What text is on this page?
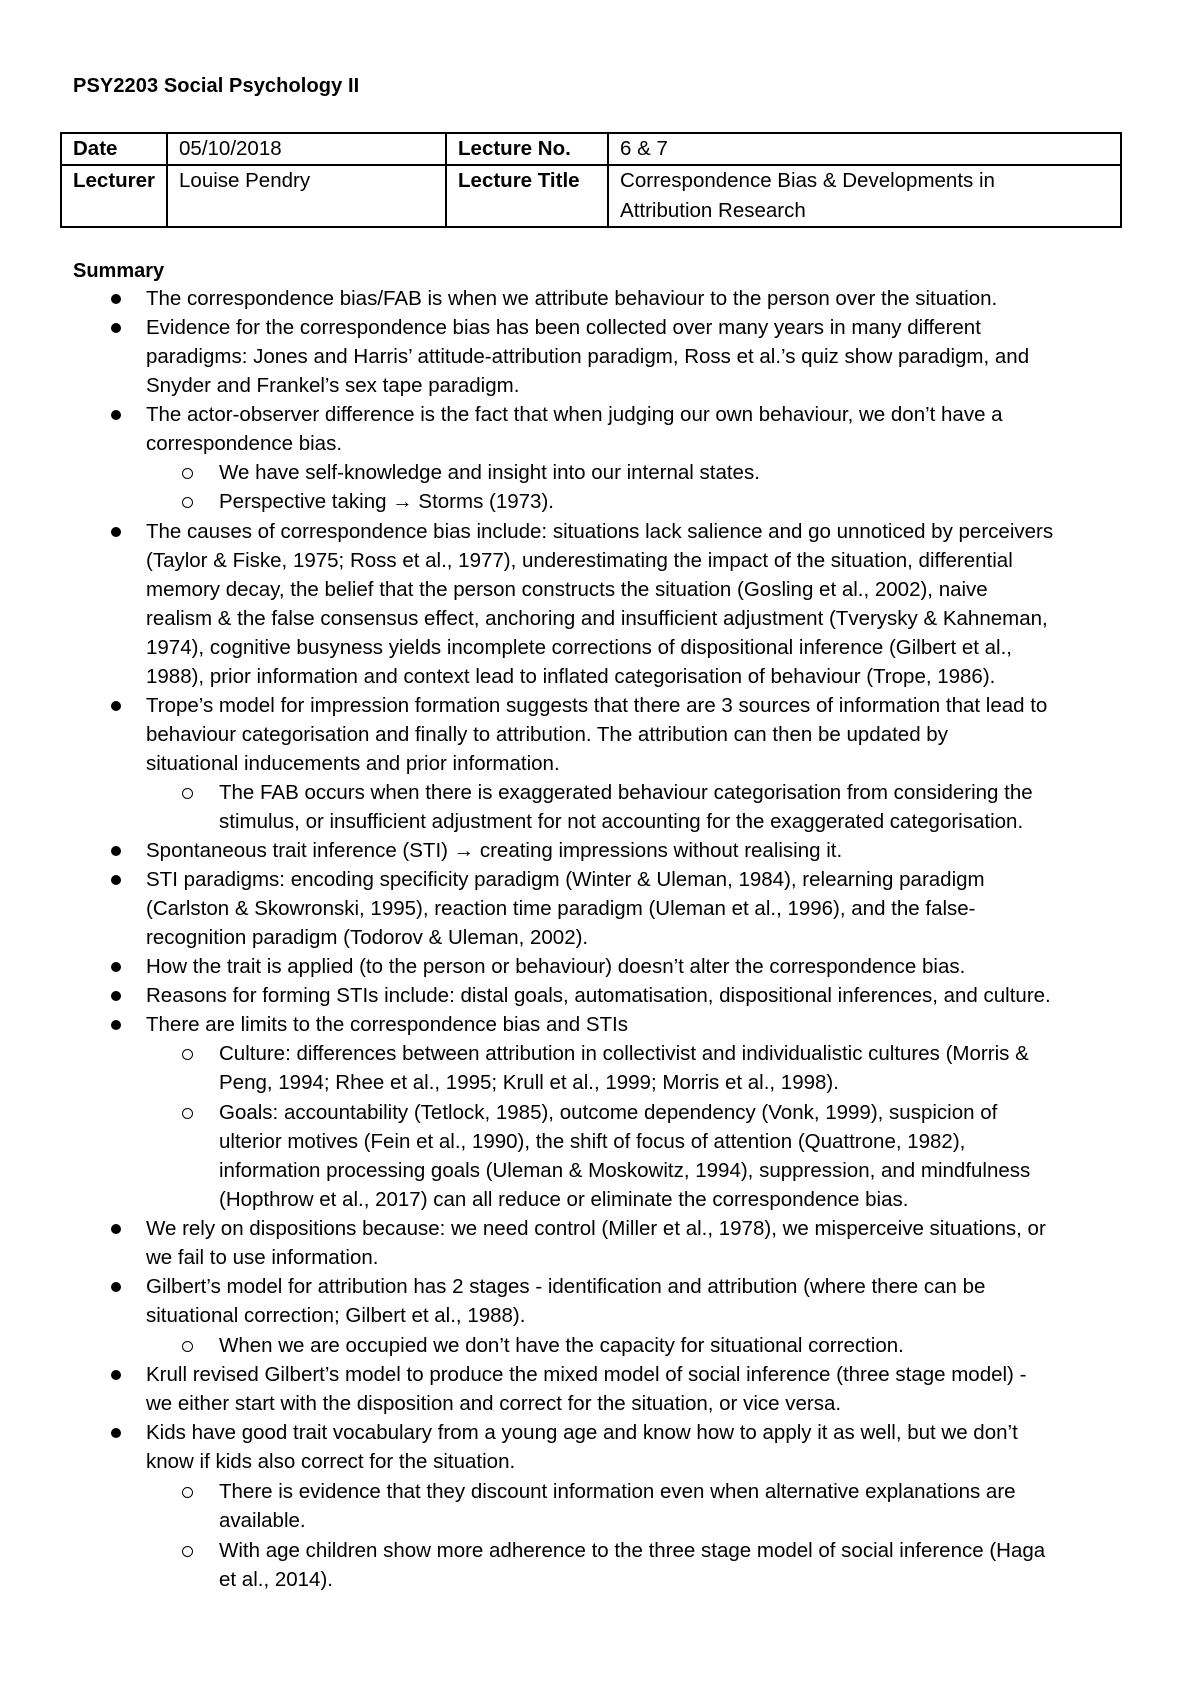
PSY2203 Social Psychology II
Date	05/10/2018	Lecture No.	6 & 7
Lecturer	Louise Pendry	Lecture Title	Correspondence Bias & Developments in
Attribution Research
Summary
The correspondence bias/FAB is when we attribute behaviour to the person over the situation.
Evidence for the correspondence bias has been collected over many years in many different
paradigms: Jones and Harris’ attitude-attribution paradigm, Ross et al.’s quiz show paradigm, and
Snyder and Frankel’s sex tape paradigm.
The actor-observer difference is the fact that when judging our own behaviour, we don’t have a
correspondence bias.
We have self-knowledge and insight into our internal states.
Perspective taking → Storms (1973).
The causes of correspondence bias include: situations lack salience and go unnoticed by perceivers
(Taylor & Fiske, 1975; Ross et al., 1977), underestimating the impact of the situation, differential
memory decay, the belief that the person constructs the situation (Gosling et al., 2002), naive
realism & the false consensus effect, anchoring and insufficient adjustment (Tverysky & Kahneman,
1974), cognitive busyness yields incomplete corrections of dispositional inference (Gilbert et al.,
1988), prior information and context lead to inflated categorisation of behaviour (Trope, 1986).
Trope’s model for impression formation suggests that there are 3 sources of information that lead to
behaviour categorisation and finally to attribution. The attribution can then be updated by
situational inducements and prior information.
The FAB occurs when there is exaggerated behaviour categorisation from considering the
stimulus, or insufficient adjustment for not accounting for the exaggerated categorisation.
Spontaneous trait inference (STI) → creating impressions without realising it.
STI paradigms: encoding specificity paradigm (Winter & Uleman, 1984), relearning paradigm
(Carlston & Skowronski, 1995), reaction time paradigm (Uleman et al., 1996), and the false-
recognition paradigm (Todorov & Uleman, 2002).
How the trait is applied (to the person or behaviour) doesn’t alter the correspondence bias.
Reasons for forming STIs include: distal goals, automatisation, dispositional inferences, and culture.
There are limits to the correspondence bias and STIs
Culture: differences between attribution in collectivist and individualistic cultures (Morris &
Peng, 1994; Rhee et al., 1995; Krull et al., 1999; Morris et al., 1998).
Goals: accountability (Tetlock, 1985), outcome dependency (Vonk, 1999), suspicion of
ulterior motives (Fein et al., 1990), the shift of focus of attention (Quattrone, 1982),
information processing goals (Uleman & Moskowitz, 1994), suppression, and mindfulness
(Hopthrow et al., 2017) can all reduce or eliminate the correspondence bias.
We rely on dispositions because: we need control (Miller et al., 1978), we misperceive situations, or
we fail to use information.
Gilbert’s model for attribution has 2 stages - identification and attribution (where there can be
situational correction; Gilbert et al., 1988).
When we are occupied we don’t have the capacity for situational correction.
Krull revised Gilbert’s model to produce the mixed model of social inference (three stage model) -
we either start with the disposition and correct for the situation, or vice versa.
Kids have good trait vocabulary from a young age and know how to apply it as well, but we don’t
know if kids also correct for the situation.
There is evidence that they discount information even when alternative explanations are
available.
With age children show more adherence to the three stage model of social inference (Haga
et al., 2014).
